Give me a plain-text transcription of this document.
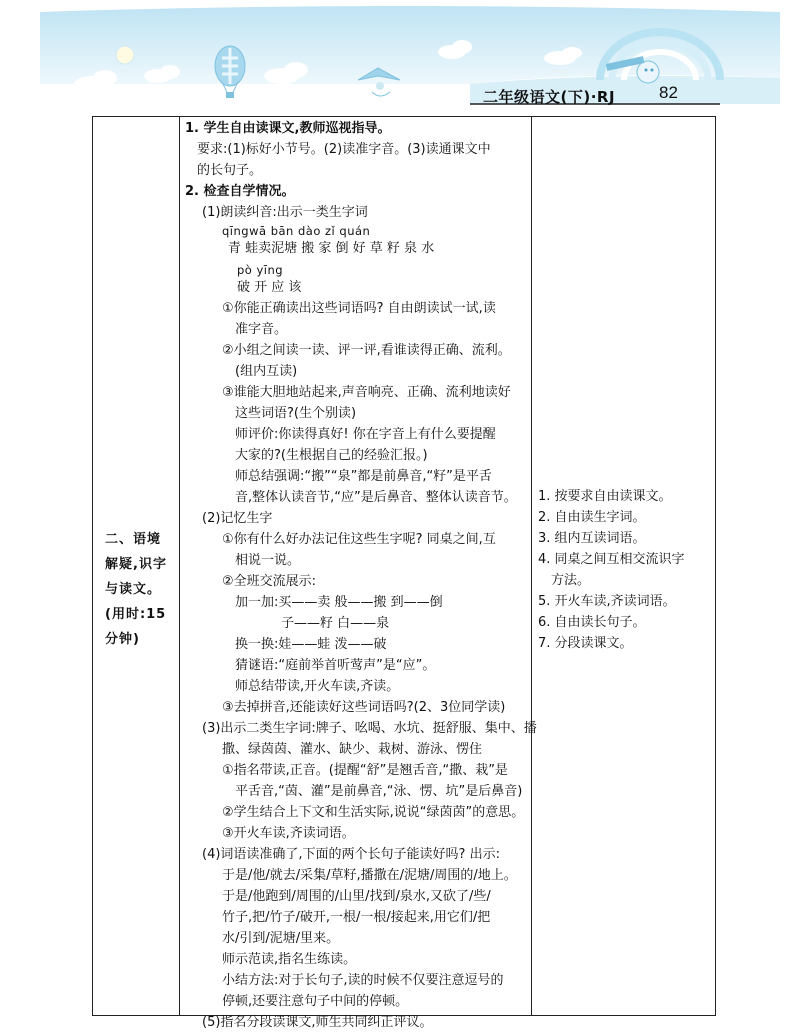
二年级语文(下)·RJ	82
二、语境解疑,识字与读文。(用时:15分钟)
1. 学生自由读课文,教师巡视指导。
要求:(1)标好小节号。(2)读准字音。(3)读通课文中
的长句子。
2. 检查自学情况。
(1)朗读纠音:出示一类生字词
qīngwā bān dào zǐ quán
青 蛙卖泥塘 搬 家 倒 好 草 籽 泉 水
pò yīng
破 开 应 该
①你能正确读出这些词语吗? 自由朗读试一试,读
准字音。
②小组之间读一读、评一评,看谁读得正确、流利。
(组内互读)
③谁能大胆地站起来,声音响亮、正确、流利地读好
这些词语?(生个别读)
师评价:你读得真好! 你在字音上有什么要提醒
大家的?(生根据自己的经验汇报。)
师总结强调:“搬”“泉”都是前鼻音,“籽”是平舌
音,整体认读音节,“应”是后鼻音、整体认读音节。
(2)记忆生字
①你有什么好办法记住这些生字呢? 同桌之间,互
相说一说。
②全班交流展示:
加一加:买——卖 般——搬 到——倒
子——籽 白——泉
换一换:娃——蛙 泼——破
猜谜语:“庭前举首听莺声”是“应”。
师总结带读,开火车读,齐读。
③去掉拼音,还能读好这些词语吗?(2、3位同学读)
(3)出示二类生字词:牌子、吆喝、水坑、挺舒服、集中、播
撒、绿茵茵、灌水、缺少、栽树、游泳、愣住
①指名带读,正音。(提醒“舒”是翘舌音,“撒、栽”是
平舌音,“茵、灌”是前鼻音,“泳、愣、坑”是后鼻音)
②学生结合上下文和生活实际,说说“绿茵茵”的意思。
③开火车读,齐读词语。
(4)词语读准确了,下面的两个长句子能读好吗? 出示:
于是/他/就去/采集/草籽,播撒在/泥塘/周围的/地上。
于是/他跑到/周围的/山里/找到/泉水,又砍了/些/
竹子,把/竹子/破开,一根/一根/接起来,用它们/把
水/引到/泥塘/里来。
师示范读,指名生练读。
小结方法:对于长句子,读的时候不仅要注意逗号的
停顿,还要注意句子中间的停顿。
(5)指名分段读课文,师生共同纠正评议。
1. 按要求自由读课文。
2. 自由读生字词。
3. 组内互读词语。
4. 同桌之间互相交流识字
方法。
5. 开火车读,齐读词语。
6. 自由读长句子。
7. 分段读课文。
